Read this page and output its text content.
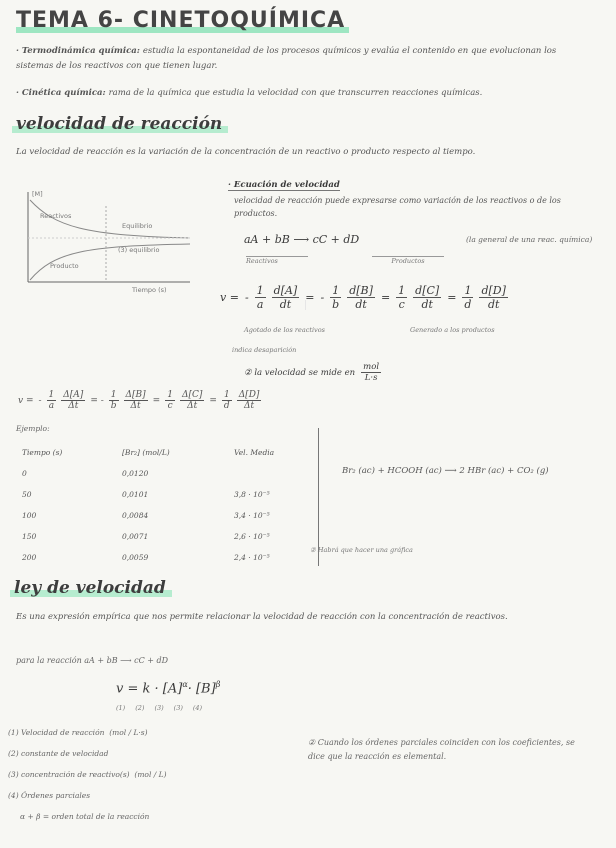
TEMA 6- CINETOQUÍMICA
· Termodinámica química: estudia la espontaneidad de los procesos químicos y evalúa el contenido en que evolucionan los sistemas de los reactivos con que tienen lugar.
· Cinética química: rama de la química que estudia la velocidad con que transcurren reacciones químicas.
velocidad de reacción
La velocidad de reacción es la variación de la concentración de un reactivo o producto respecto al tiempo.
[M]
Reactivos
Equilibrio
(3) equilibrio
Producto
Tiempo (s)
· Ecuación de velocidad
velocidad de reacción puede expresarse como variación de los reactivos o de los productos.
aA + bB ⟶ cC + dD	(la general de una reac. química)
Reactivos	Productos
v = - $\frac{1}{a} \frac{d[A]}{dt}$ = - $\frac{1}{b} \frac{d[B]}{dt} = \frac{1}{c} \frac{d[C]}{dt} = \frac{1}{d} \frac{d[D]}{dt}$
Agotado de los reactivos	Generado a los productos
indica desaparición
② la velocidad se mide en $\frac{\text{mol}}{L\cdot s}$
v = - $\frac{1}{a} \frac{\Delta[A]}{\Delta t}$ = - $\frac{1}{b} \frac{\Delta[B]}{\Delta t} = \frac{1}{c} \frac{\Delta[C]}{\Delta t} = \frac{1}{d} \frac{\Delta[D]}{\Delta t}$
Ejemplo:
Tiempo (s)	[Br₂] (mol/L)	Vel. Media
0	0,0120	
50	0,0101	3,8 · 10⁻⁵
100	0,0084	3,4 · 10⁻⁵
150	0,0071	2,6 · 10⁻⁵
200	0,0059	2,4 · 10⁻⁵
Br₂ (ac) + HCOOH (ac) ⟶ 2 HBr (ac) + CO₂ (g)
② Habrá que hacer una gráfica
ley de velocidad
Es una expresión empírica que nos permite relacionar la velocidad de reacción con la concentración de reactivos.
para la reacción aA + bB ⟶ cC + dD
$v = k \cdot [A]^\alpha\cdot [B]^\beta$
(1) (2) (3) (3) (4)
(1) Velocidad de reacción  (mol / L·s)
(2) constante de velocidad
(3) concentración de reactivo(s)  (mol / L)
(4) Órdenes parciales
α + β = orden total de la reacción
② Cuando los órdenes parciales coinciden con los coeficientes, se dice que la reacción es elemental.
